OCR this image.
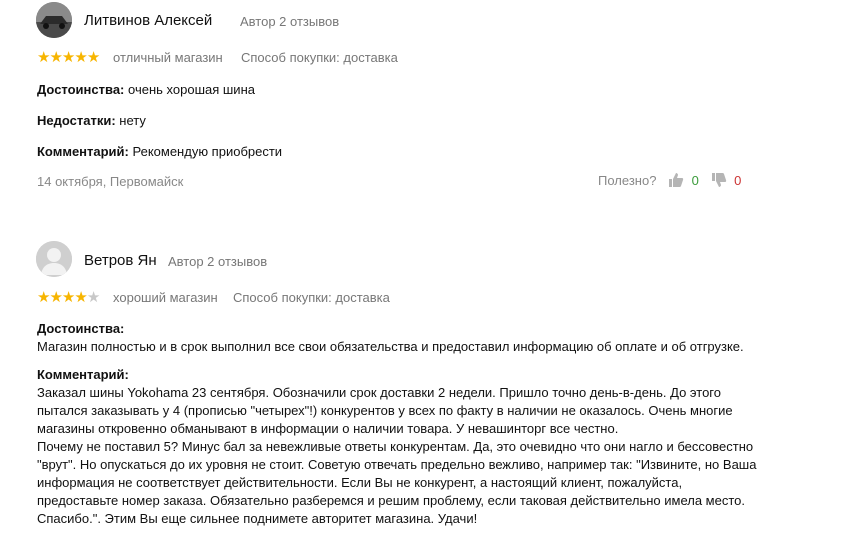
Литвинов Алексей Автор 2 отзывов
★★★★★ отличный магазин Способ покупки: доставка
Достоинства: очень хорошая шина
Недостатки: нету
Комментарий: Рекомендую приобрести
14 октября, Первомайск	Полезно?	0	0
Ветров Ян Автор 2 отзывов
★★★★★ хороший магазин Способ покупки: доставка
Достоинства:
Магазин полностью и в срок выполнил все свои обязательства и предоставил информацию об оплате и об отгрузке.
Комментарий:
Заказал шины Yokohama 23 сентября. Обозначили срок доставки 2 недели. Пришло точно день-в-день. До этого
пытался заказывать у 4 (прописью "четырех"!) конкурентов у всех по факту в наличии не оказалось. Очень многие
магазины откровенно обманывают в информации о наличии товара. У невашинторг все честно.
Почему не поставил 5? Минус бал за невежливые ответы конкурентам. Да, это очевидно что они нагло и бессовестно
"врут". Но опускаться до их уровня не стоит. Советую отвечать предельно вежливо, например так: "Извините, но Ваша
информация не соответствует действительности. Если Вы не конкурент, а настоящий клиент, пожалуйста,
предоставьте номер заказа. Обязательно разберемся и решим проблему, если таковая действительно имела место.
Спасибо.". Этим Вы еще сильнее поднимете авторитет магазина. Удачи!
